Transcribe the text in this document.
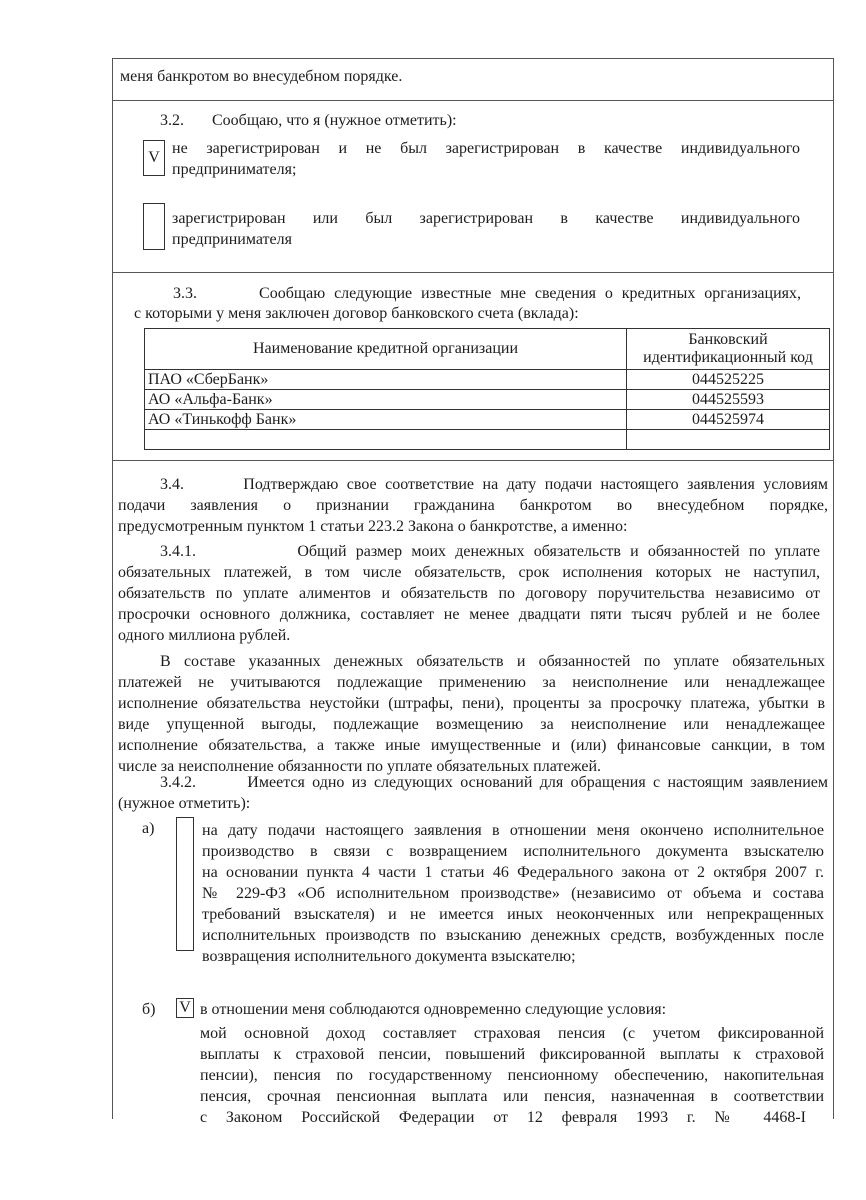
меня банкротом во внесудебном порядке.
3.2.       Сообщаю, что я (нужное отметить):
V
не зарегистрирован и не был зарегистрирован в качестве индивидуального
предпринимателя;
зарегистрирован или был зарегистрирован в качестве индивидуального
предпринимателя
3.3.       Сообщаю следующие известные мне сведения о кредитных организациях,
с которыми у меня заключен договор банковского счета (вклада):
Наименование кредитной организации	Банковский
идентификационный код

ПАО «СберБанк»	044525225
АО «Альфа-Банк»	044525593
АО «Тинькофф Банк»	044525974

3.4.       Подтверждаю свое соответствие на дату подачи настоящего заявления условиям
подачи заявления о признании гражданина банкротом во внесудебном порядке,
предусмотренным пунктом 1 статьи 223.2 Закона о банкротстве, а именно:
3.4.1.           Общий размер моих денежных обязательств и обязанностей по уплате
обязательных платежей, в том числе обязательств, срок исполнения которых не наступил,
обязательств по уплате алиментов и обязательств по договору поручительства независимо от
просрочки основного должника, составляет не менее двадцати пяти тысяч рублей и не более
одного миллиона рублей.
В составе указанных денежных обязательств и обязанностей по уплате обязательных
платежей не учитываются подлежащие применению за неисполнение или ненадлежащее
исполнение обязательства неустойки (штрафы, пени), проценты за просрочку платежа, убытки в
виде упущенной выгоды, подлежащие возмещению за неисполнение или ненадлежащее
исполнение обязательства, а также иные имущественные и (или) финансовые санкции, в том
числе за неисполнение обязанности по уплате обязательных платежей.
3.4.2.       Имеется одно из следующих оснований для обращения с настоящим заявлением
(нужное отметить):
а)	на дату подачи настоящего заявления в отношении меня окончено исполнительное
производство в связи с возвращением исполнительного документа взыскателю
на основании пункта 4 части 1 статьи 46 Федерального закона от 2 октября 2007 г.
№ 229-ФЗ «Об исполнительном производстве» (независимо от объема и состава
требований взыскателя) и не имеется иных неоконченных или непрекращенных
исполнительных производств по взысканию денежных средств, возбужденных после
возвращения исполнительного документа взыскателю;
б) V в отношении меня соблюдаются одновременно следующие условия:
мой основной доход составляет страховая пенсия (с учетом фиксированной
выплаты к страховой пенсии, повышений фиксированной выплаты к страховой
пенсии), пенсия по государственному пенсионному обеспечению, накопительная
пенсия, срочная пенсионная выплата или пенсия, назначенная в соответствии
с Законом Российской Федерации от 12 февраля 1993 г. № 4468-I
